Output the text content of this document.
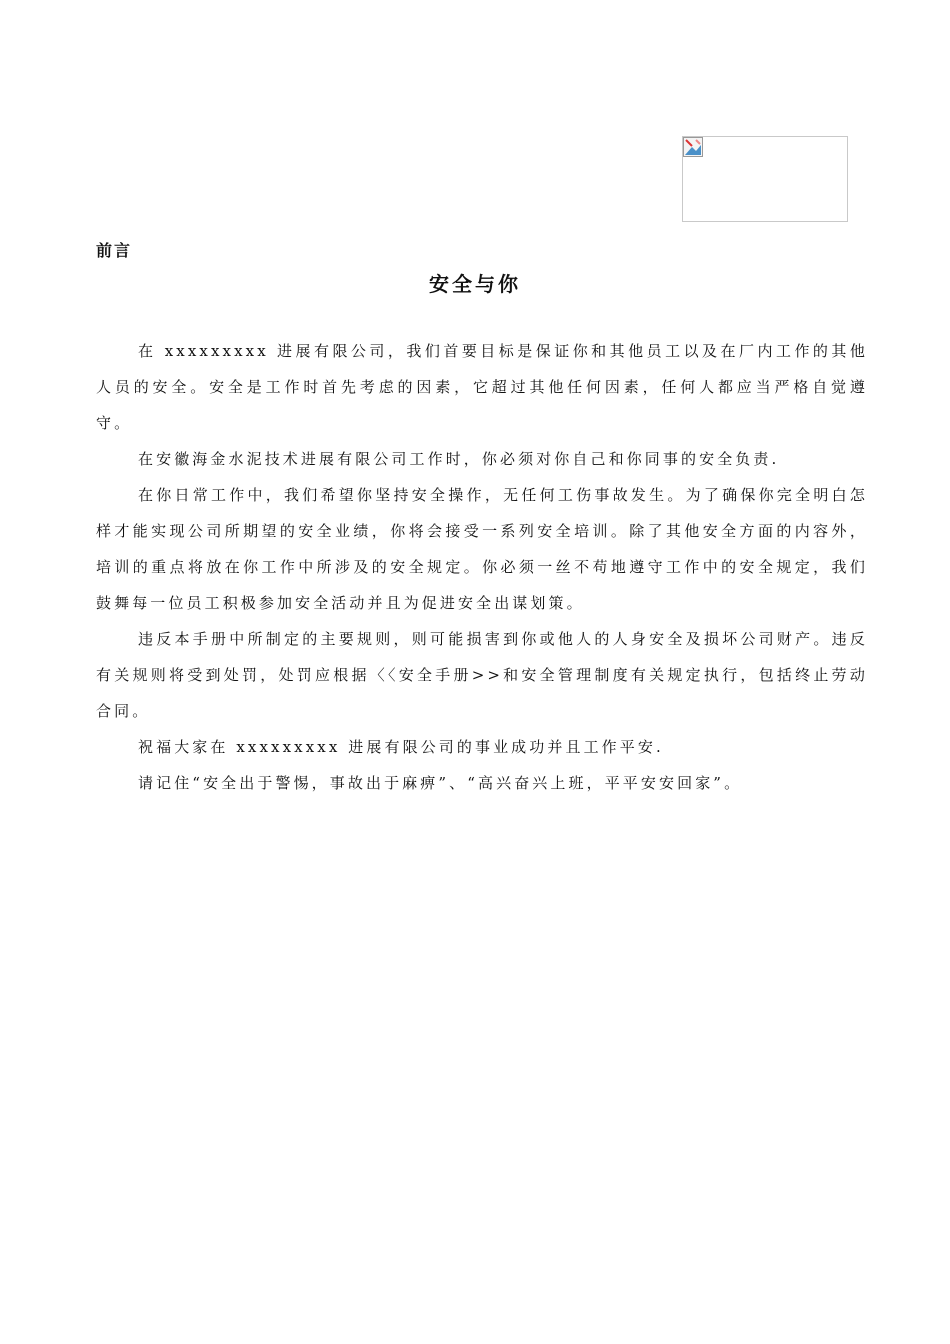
前言
安全与你

在 xxxxxxxxx 进展有限公司，我们首要目标是保证你和其他员工以及在厂内工作的其他人员的安全。安全是工作时首先考虑的因素，它超过其他任何因素，任何人都应当严格自觉遵守。

在安徽海金水泥技术进展有限公司工作时，你必须对你自己和你同事的安全负责.

在你日常工作中，我们希望你坚持安全操作，无任何工伤事故发生。为了确保你完全明白怎样才能实现公司所期望的安全业绩，你将会接受一系列安全培训。除了其他安全方面的内容外，培训的重点将放在你工作中所涉及的安全规定。你必须一丝不苟地遵守工作中的安全规定，我们鼓舞每一位员工积极参加安全活动并且为促进安全出谋划策。

违反本手册中所制定的主要规则，则可能损害到你或他人的人身安全及损坏公司财产。违反有关规则将受到处罚，处罚应根据〈〈安全手册>>和安全管理制度有关规定执行，包括终止劳动合同。

祝福大家在 xxxxxxxxx 进展有限公司的事业成功并且工作平安.

请记住“安全出于警惕，事故出于麻痹”、“高兴奋兴上班，平平安安回家”。
